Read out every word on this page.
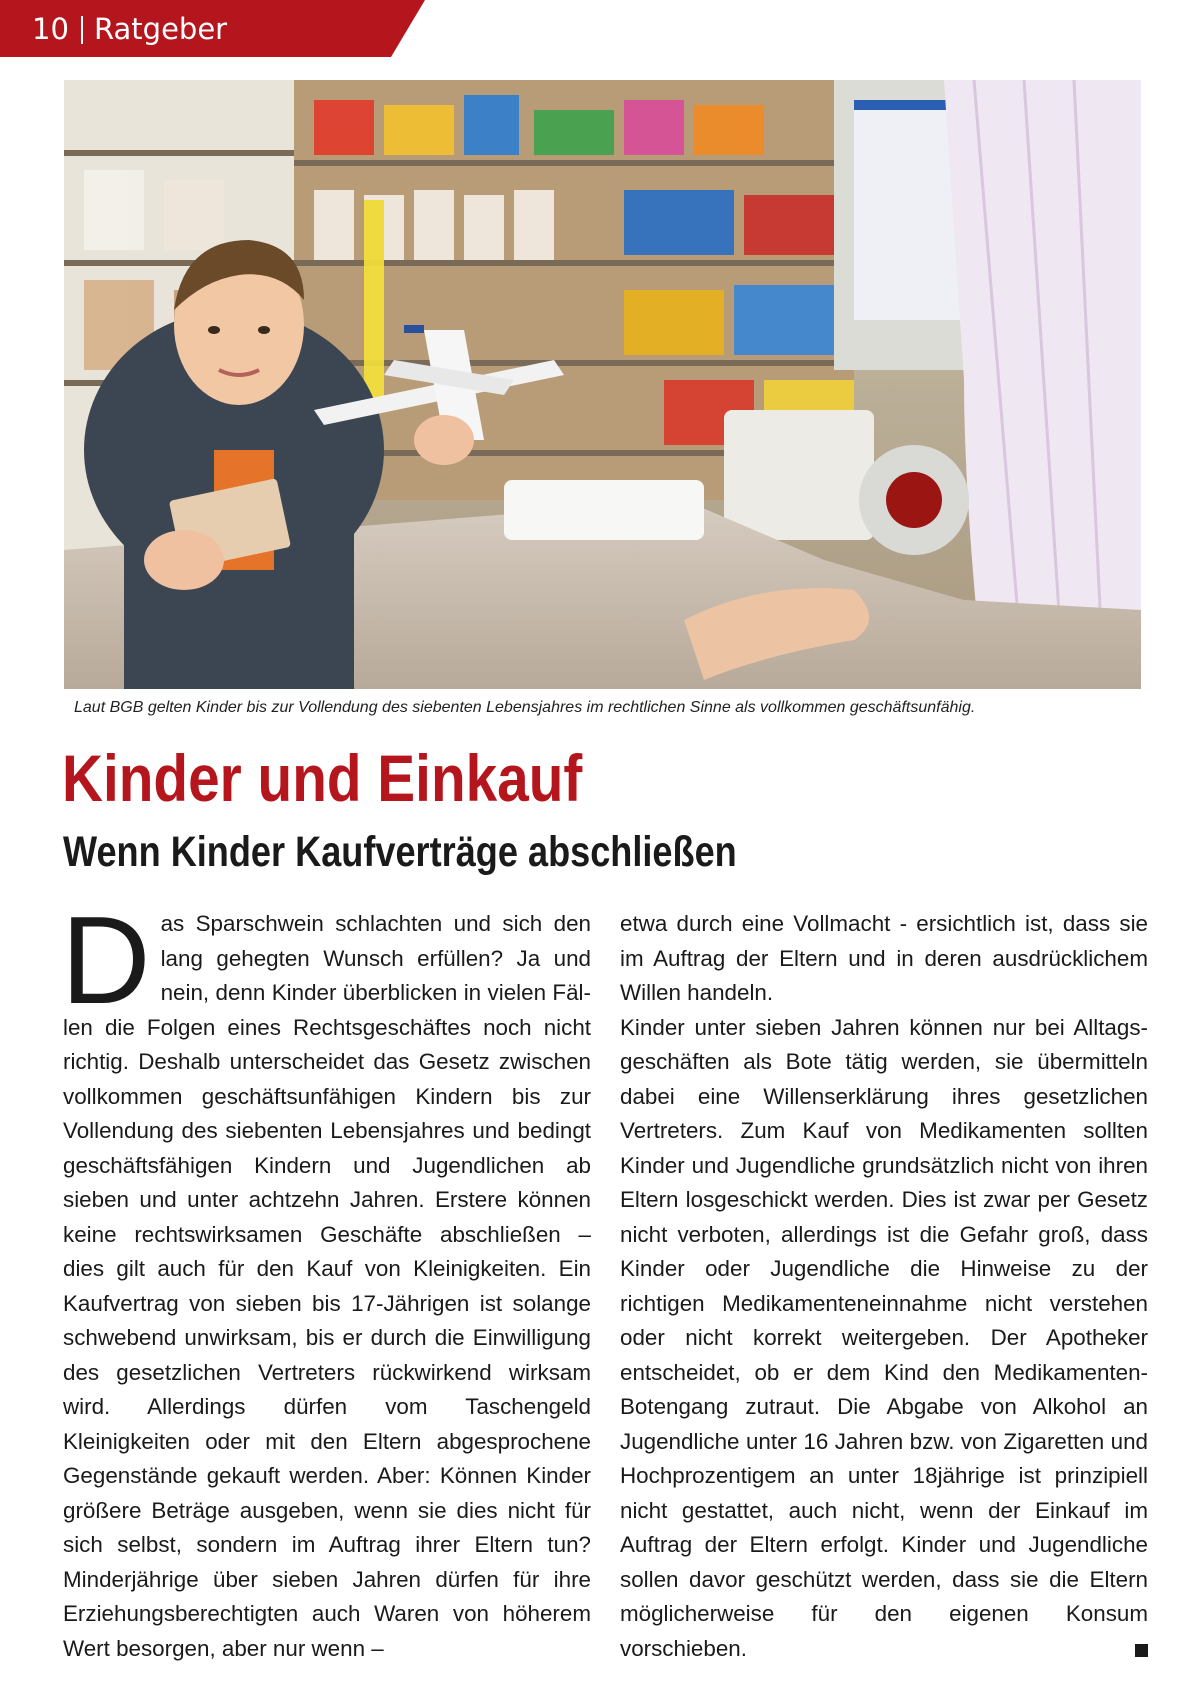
10 Ratgeber
Laut BGB gelten Kinder bis zur Vollendung des siebenten Lebensjahres im rechtlichen Sinne als vollkommen geschäftsunfähig.
Kinder und Einkauf
Wenn Kinder Kaufverträge abschließen
D as Sparschwein schlachten und sich den lang gehegten Wunsch erfüllen? Ja und nein, denn Kinder überblicken in vielen Fällen die Folgen eines Rechtsgeschäftes noch nicht richtig. Deshalb unterscheidet das Gesetz zwischen vollkommen geschäftsunfähigen Kindern bis zur Vollendung des siebenten Lebensjahres und bedingt geschäftsfähigen Kindern und Jugendlichen ab sieben und unter achtzehn Jahren. Erstere können keine rechtswirksamen Geschäfte abschließen – dies gilt auch für den Kauf von Kleinigkeiten. Ein Kaufvertrag von sieben bis 17-Jährigen ist solange schwebend unwirksam, bis er durch die Einwilligung des gesetzlichen Vertreters rückwirkend wirksam wird. Allerdings dürfen vom Taschengeld Kleinigkeiten oder mit den Eltern abgesprochene Gegenstände gekauft werden. Aber: Können Kinder größere Beträge ausgeben, wenn sie dies nicht für sich selbst, sondern im Auftrag ihrer Eltern tun? Minderjährige über sieben Jahren dürfen für ihre Erziehungsberechtigten auch Waren von höherem Wert besorgen, aber nur wenn –

etwa durch eine Vollmacht - ersichtlich ist, dass sie im Auftrag der Eltern und in deren ausdrücklichem Willen handeln.

Kinder unter sieben Jahren können nur bei Alltagsgeschäften als Bote tätig werden, sie übermitteln dabei eine Willenserklärung ihres gesetzlichen Vertreters. Zum Kauf von Medikamenten sollten Kinder und Jugendliche grundsätzlich nicht von ihren Eltern losgeschickt werden. Dies ist zwar per Gesetz nicht verboten, allerdings ist die Gefahr groß, dass Kinder oder Jugendliche die Hinweise zu der richtigen Medikamenteneinnahme nicht verstehen oder nicht korrekt weitergeben. Der Apotheker entscheidet, ob er dem Kind den Medikamenten-Botengang zutraut. Die Abgabe von Alkohol an Jugendliche unter 16 Jahren bzw. von Zigaretten und Hochprozentigem an unter 18jährige ist prinzipiell nicht gestattet, auch nicht, wenn der Einkauf im Auftrag der Eltern erfolgt. Kinder und Jugendliche sollen davor geschützt werden, dass sie die Eltern möglicherweise für den eigenen Konsum vorschieben.
